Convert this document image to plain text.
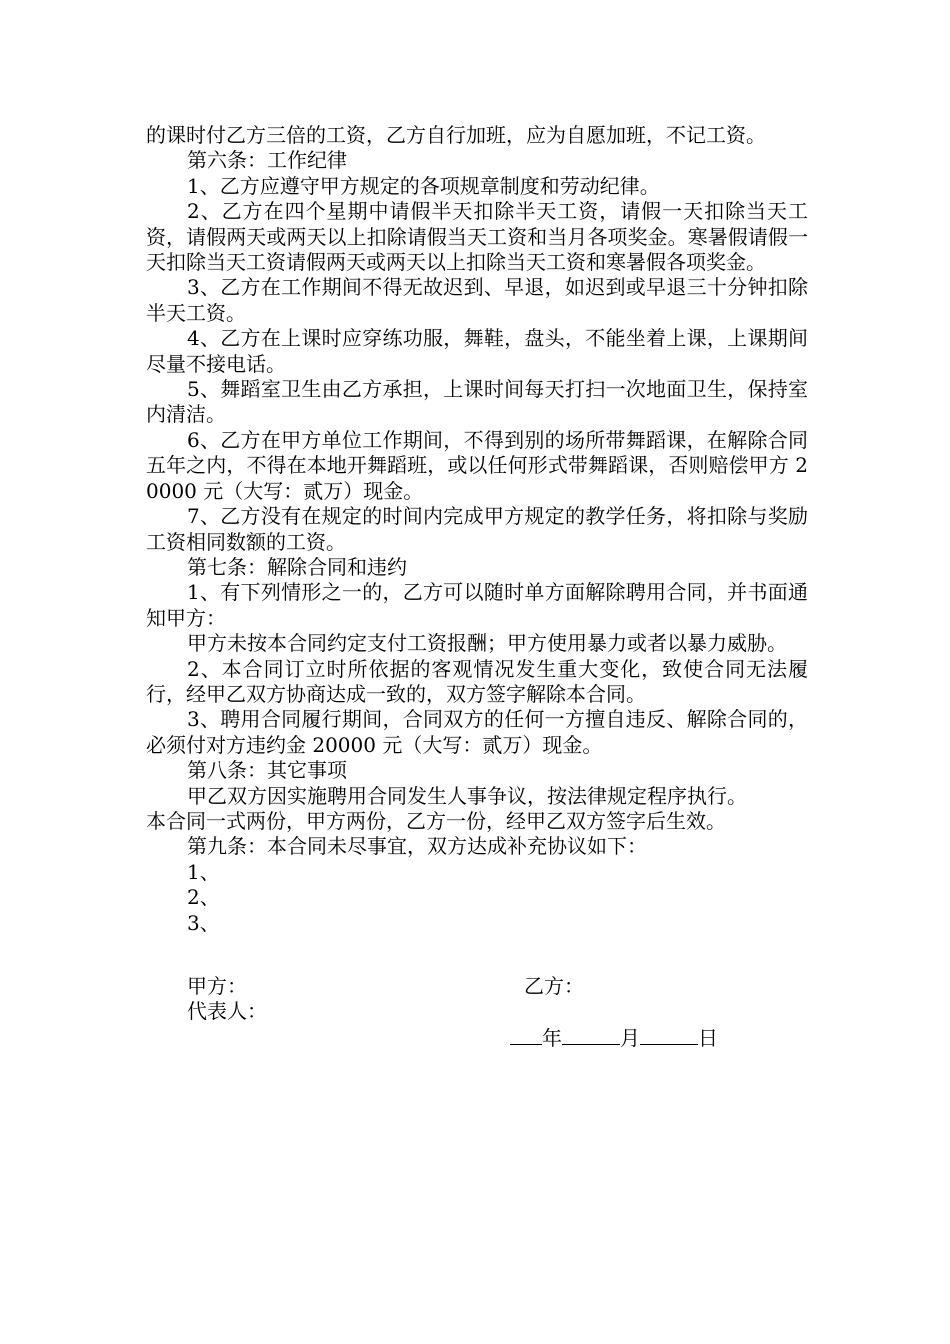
的课时付乙方三倍的工资，乙方自行加班，应为自愿加班，不记工资。

第六条：工作纪律

1、乙方应遵守甲方规定的各项规章制度和劳动纪律。

2、乙方在四个星期中请假半天扣除半天工资，请假一天扣除当天工资，请假两天或两天以上扣除请假当天工资和当月各项奖金。寒暑假请假一天扣除当天工资请假两天或两天以上扣除当天工资和寒暑假各项奖金。

3、乙方在工作期间不得无故迟到、早退，如迟到或早退三十分钟扣除半天工资。

4、乙方在上课时应穿练功服，舞鞋，盘头，不能坐着上课，上课期间尽量不接电话。

5、舞蹈室卫生由乙方承担，上课时间每天打扫一次地面卫生，保持室内清洁。

6、乙方在甲方单位工作期间，不得到别的场所带舞蹈课，在解除合同五年之内，不得在本地开舞蹈班，或以任何形式带舞蹈课，否则赔偿甲方 20000 元（大写：贰万）现金。

7、乙方没有在规定的时间内完成甲方规定的教学任务，将扣除与奖励工资相同数额的工资。

第七条：解除合同和违约

1、有下列情形之一的，乙方可以随时单方面解除聘用合同，并书面通知甲方：

甲方未按本合同约定支付工资报酬；甲方使用暴力或者以暴力威胁。

2、本合同订立时所依据的客观情况发生重大变化，致使合同无法履行，经甲乙双方协商达成一致的，双方签字解除本合同。

3、聘用合同履行期间，合同双方的任何一方擅自违反、解除合同的，必须付对方违约金 20000 元（大写：贰万）现金。

第八条：其它事项

甲乙双方因实施聘用合同发生人事争议，按法律规定程序执行。

本合同一式两份，甲方两份，乙方一份，经甲乙双方签字后生效。

第九条：本合同未尽事宜，双方达成补充协议如下：

1、

2、

3、

甲方：	乙方：
代表人：
年	月	日
